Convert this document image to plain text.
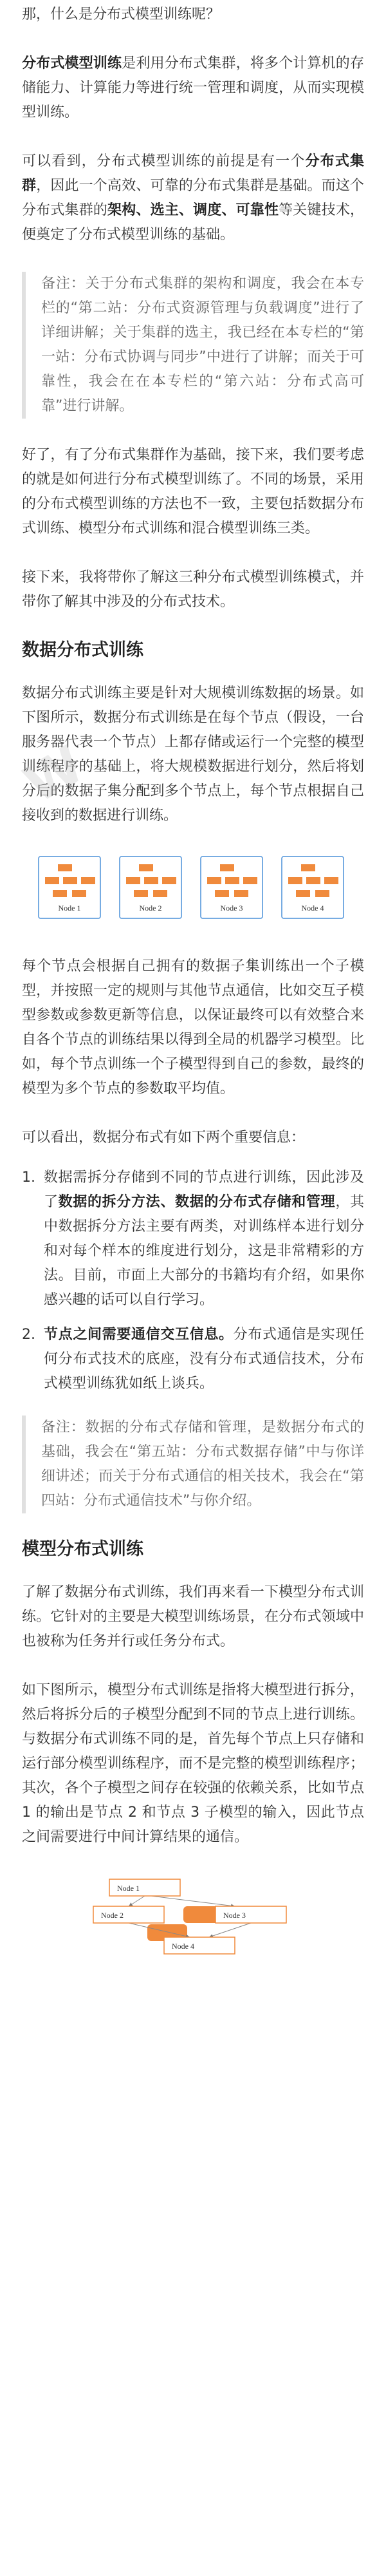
那，什么是分布式模型训练呢？

分布式模型训练是利用分布式集群，将多个计算机的存储能力、计算能力等进行统一管理和调度，从而实现模型训练。

可以看到，分布式模型训练的前提是有一个分布式集群，因此一个高效、可靠的分布式集群是基础。而这个分布式集群的架构、选主、调度、可靠性等关键技术，便奠定了分布式模型训练的基础。

备注：关于分布式集群的架构和调度，我会在本专栏的“第二站：分布式资源管理与负载调度”进行了详细讲解；关于集群的选主，我已经在本专栏的“第一站：分布式协调与同步”中进行了讲解；而关于可靠性，我会在在本专栏的“第六站：分布式高可靠”进行讲解。

好了，有了分布式集群作为基础，接下来，我们要考虑的就是如何进行分布式模型训练了。不同的场景，采用的分布式模型训练的方法也不一致，主要包括数据分布式训练、模型分布式训练和混合模型训练三类。

接下来，我将带你了解这三种分布式模型训练模式，并带你了解其中涉及的分布式技术。

数据分布式训练

数据分布式训练主要是针对大规模训练数据的场景。如下图所示，数据分布式训练是在每个节点（假设，一台服务器代表一个节点）上都存储或运行一个完整的模型训练程序的基础上，将大规模数据进行划分，然后将划分后的数据子集分配到多个节点上，每个节点根据自己接收到的数据进行训练。

Node 1	Node 2	Node 3	Node 4

每个节点会根据自己拥有的数据子集训练出一个子模型，并按照一定的规则与其他节点通信，比如交互子模型参数或参数更新等信息，以保证最终可以有效整合来自各个节点的训练结果以得到全局的机器学习模型。比如，每个节点训练一个子模型得到自己的参数，最终的模型为多个节点的参数取平均值。

可以看出，数据分布式有如下两个重要信息：

1. 数据需拆分存储到不同的节点进行训练，因此涉及了数据的拆分方法、数据的分布式存储和管理，其中数据拆分方法主要有两类，对训练样本进行划分和对每个样本的维度进行划分，这是非常精彩的方法。目前，市面上大部分的书籍均有介绍，如果你感兴趣的话可以自行学习。
2. 节点之间需要通信交互信息。分布式通信是实现任何分布式技术的底座，没有分布式通信技术，分布式模型训练犹如纸上谈兵。
备注：数据的分布式存储和管理，是数据分布式的基础，我会在“第五站：分布式数据存储”中与你详细讲述；而关于分布式通信的相关技术，我会在“第四站：分布式通信技术”与你介绍。
模型分布式训练

了解了数据分布式训练，我们再来看一下模型分布式训练。它针对的主要是大模型训练场景，在分布式领域中也被称为任务并行或任务分布式。

如下图所示，模型分布式训练是指将大模型进行拆分，然后将拆分后的子模型分配到不同的节点上进行训练。与数据分布式训练不同的是，首先每个节点上只存储和运行部分模型训练程序，而不是完整的模型训练程序；其次，各个子模型之间存在较强的依赖关系，比如节点 1 的输出是节点 2 和节点 3 子模型的输入，因此节点之间需要进行中间计算结果的通信。

Node 1
Node 2	Node 3
Node 4
W
